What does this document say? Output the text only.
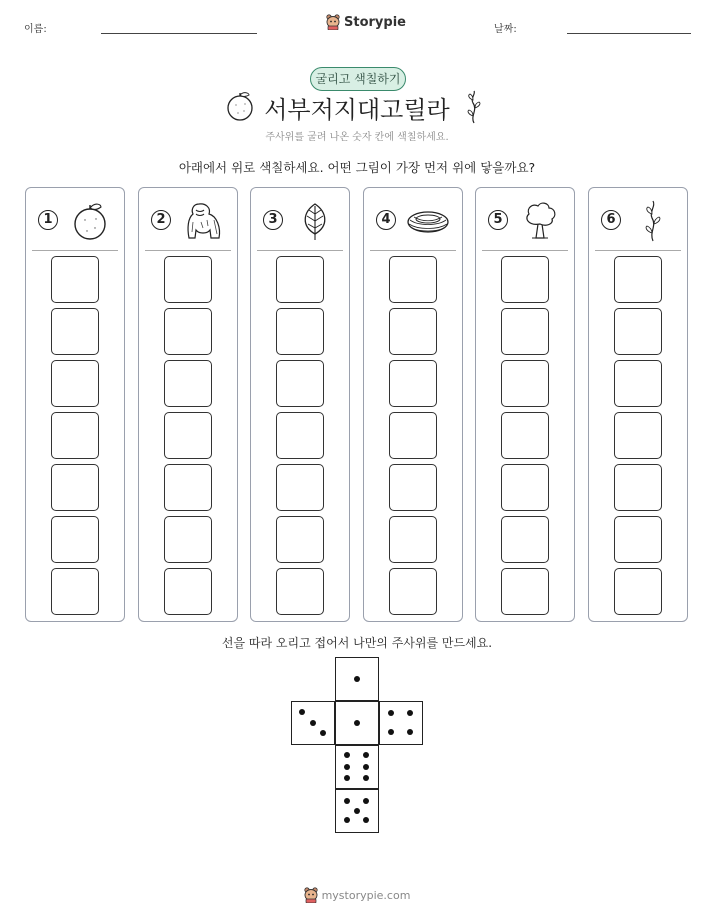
이름:	Storypie	날짜:
굴리고 색칠하기
서부저지대고릴라
주사위를 굴려 나온 숫자 칸에 색칠하세요.
아래에서 위로 색칠하세요. 어떤 그림이 가장 먼저 위에 닿을까요?
1	2	3	4	5	6
선을 따라 오리고 접어서 나만의 주사위를 만드세요.
mystorypie.com
